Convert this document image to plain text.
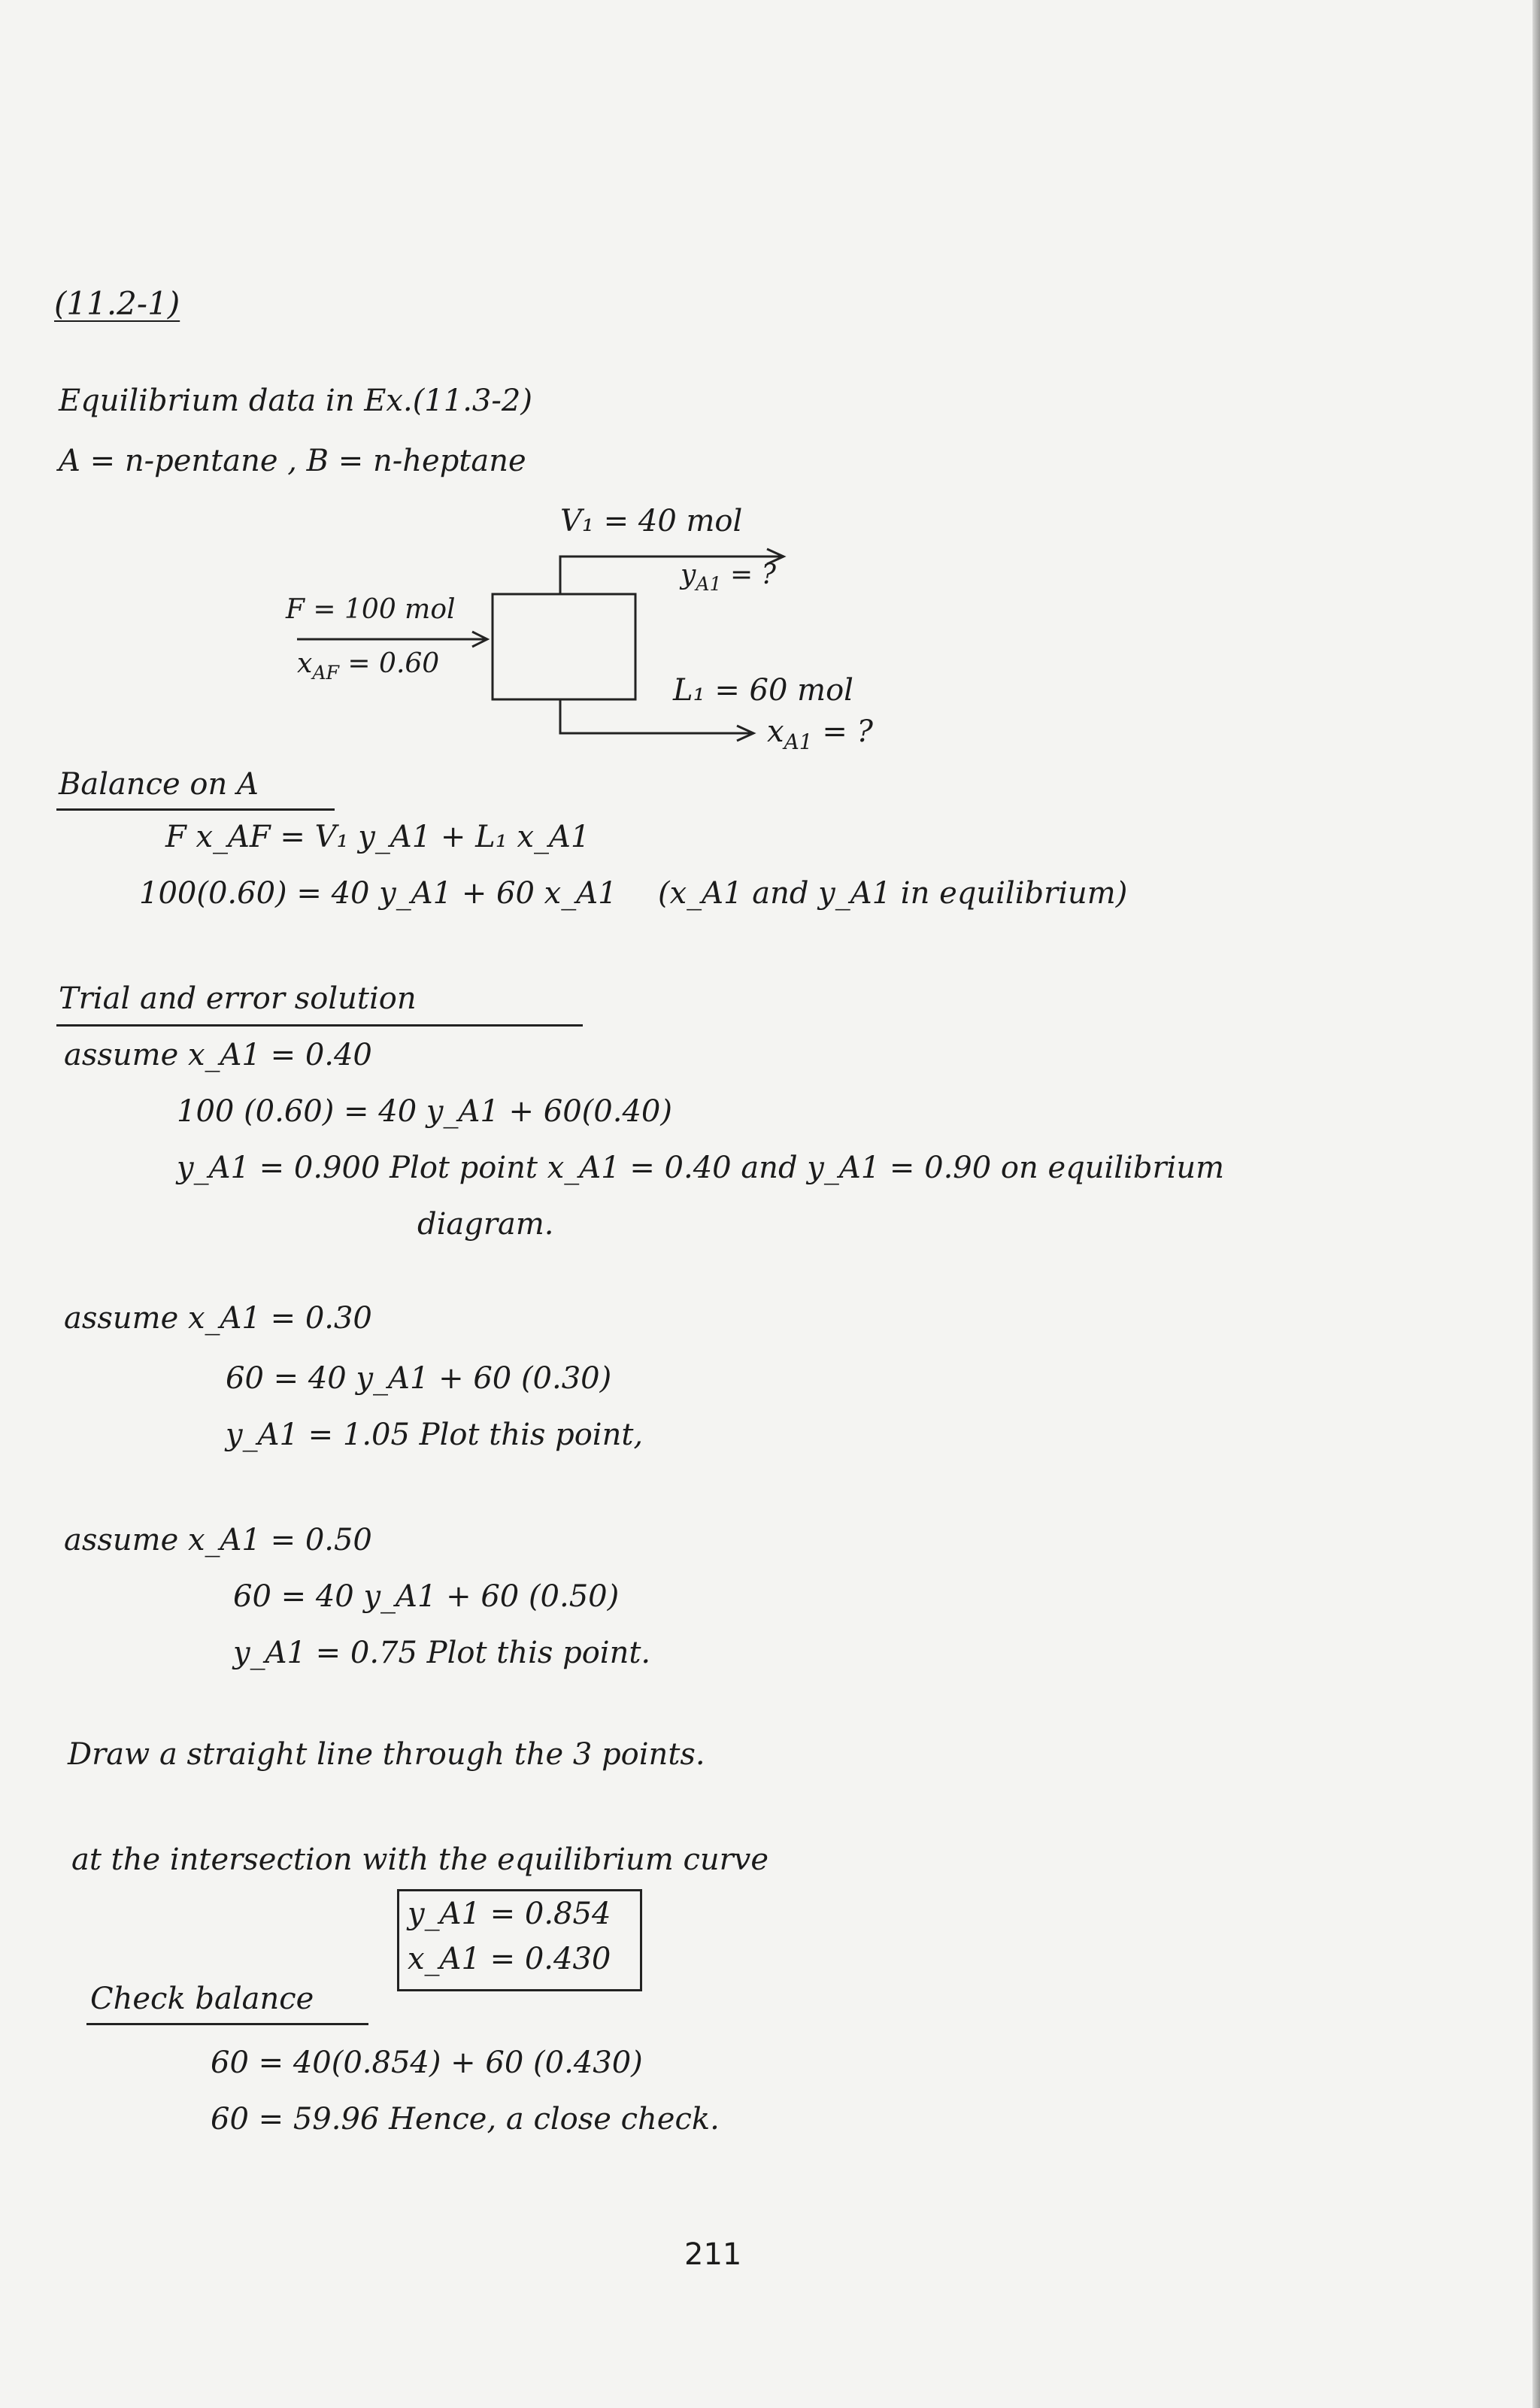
(11.2-1)
Equilibrium data in Ex.(11.3-2)
A = n-pentane , B = n-heptane
V₁ = 40 mol
$y_{A1}$ = ?
F = 100 mol
$x_{AF} = 0.60$
L₁ = 60 mol
$x_{A1}$ = ?
Balance on A
F x_AF = V₁ y_A1 + L₁ x_A1
100(0.60) = 40 y_A1 + 60 x_A1 (x_A1 and y_A1 in equilibrium)
Trial and error solution
assume x_A1 = 0.40
100 (0.60) = 40 y_A1 + 60(0.40)
y_A1 = 0.900 Plot point x_A1 = 0.40 and y_A1 = 0.90 on equilibrium
diagram.
assume x_A1 = 0.30
60 = 40 y_A1 + 60 (0.30)
y_A1 = 1.05 Plot this point,
assume x_A1 = 0.50
60 = 40 y_A1 + 60 (0.50)
y_A1 = 0.75 Plot this point.
Draw a straight line through the 3 points.
at the intersection with the equilibrium curve
y_A1 = 0.854
x_A1 = 0.430
Check balance
60 = 40(0.854) + 60 (0.430)
60 = 59.96 Hence, a close check.
211
